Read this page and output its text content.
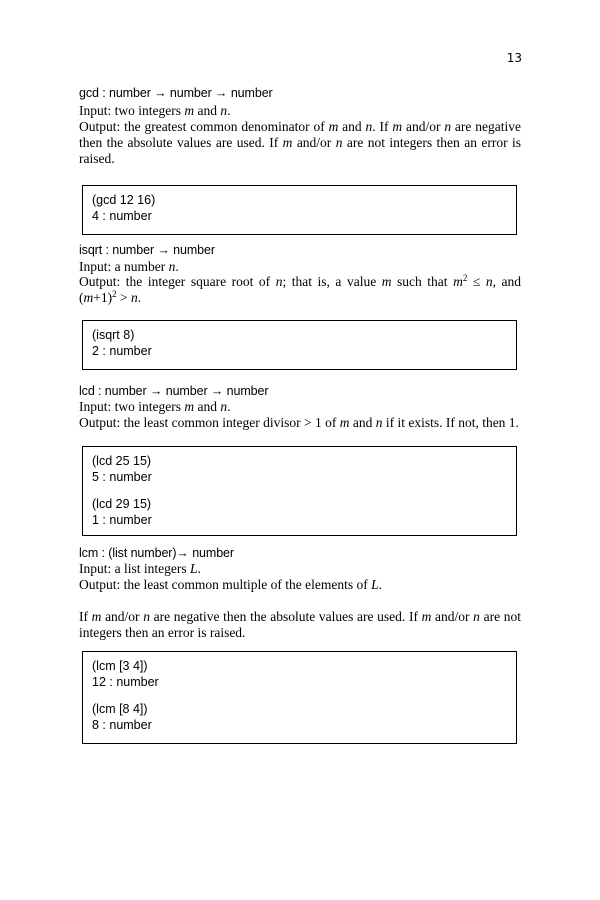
13
gcd : number → number → number
Input: two integers m and n.
Output: the greatest common denominator of m and n. If m and/or n are negative then the absolute values are used. If m and/or n are not integers then an error is raised.
(gcd 12 16)
4 : number
isqrt : number → number
Input: a number n.
Output: the integer square root of n; that is, a value m such that $m^2 \le n$, and $(m+1)^2 > n$.
(isqrt 8)
2 : number
lcd : number → number → number
Input: two integers m and n.
Output: the least common integer divisor > 1 of m and n if it exists. If not, then 1.
(lcd 25 15)
5 : number
(lcd 29 15)
1 : number
lcm : (list number)→ number
Input: a list integers L.
Output: the least common multiple of the elements of L.
If m and/or n are negative then the absolute values are used. If m and/or n are not integers then an error is raised.
(lcm [3 4])
12 : number
(lcm [8 4])
8 : number
